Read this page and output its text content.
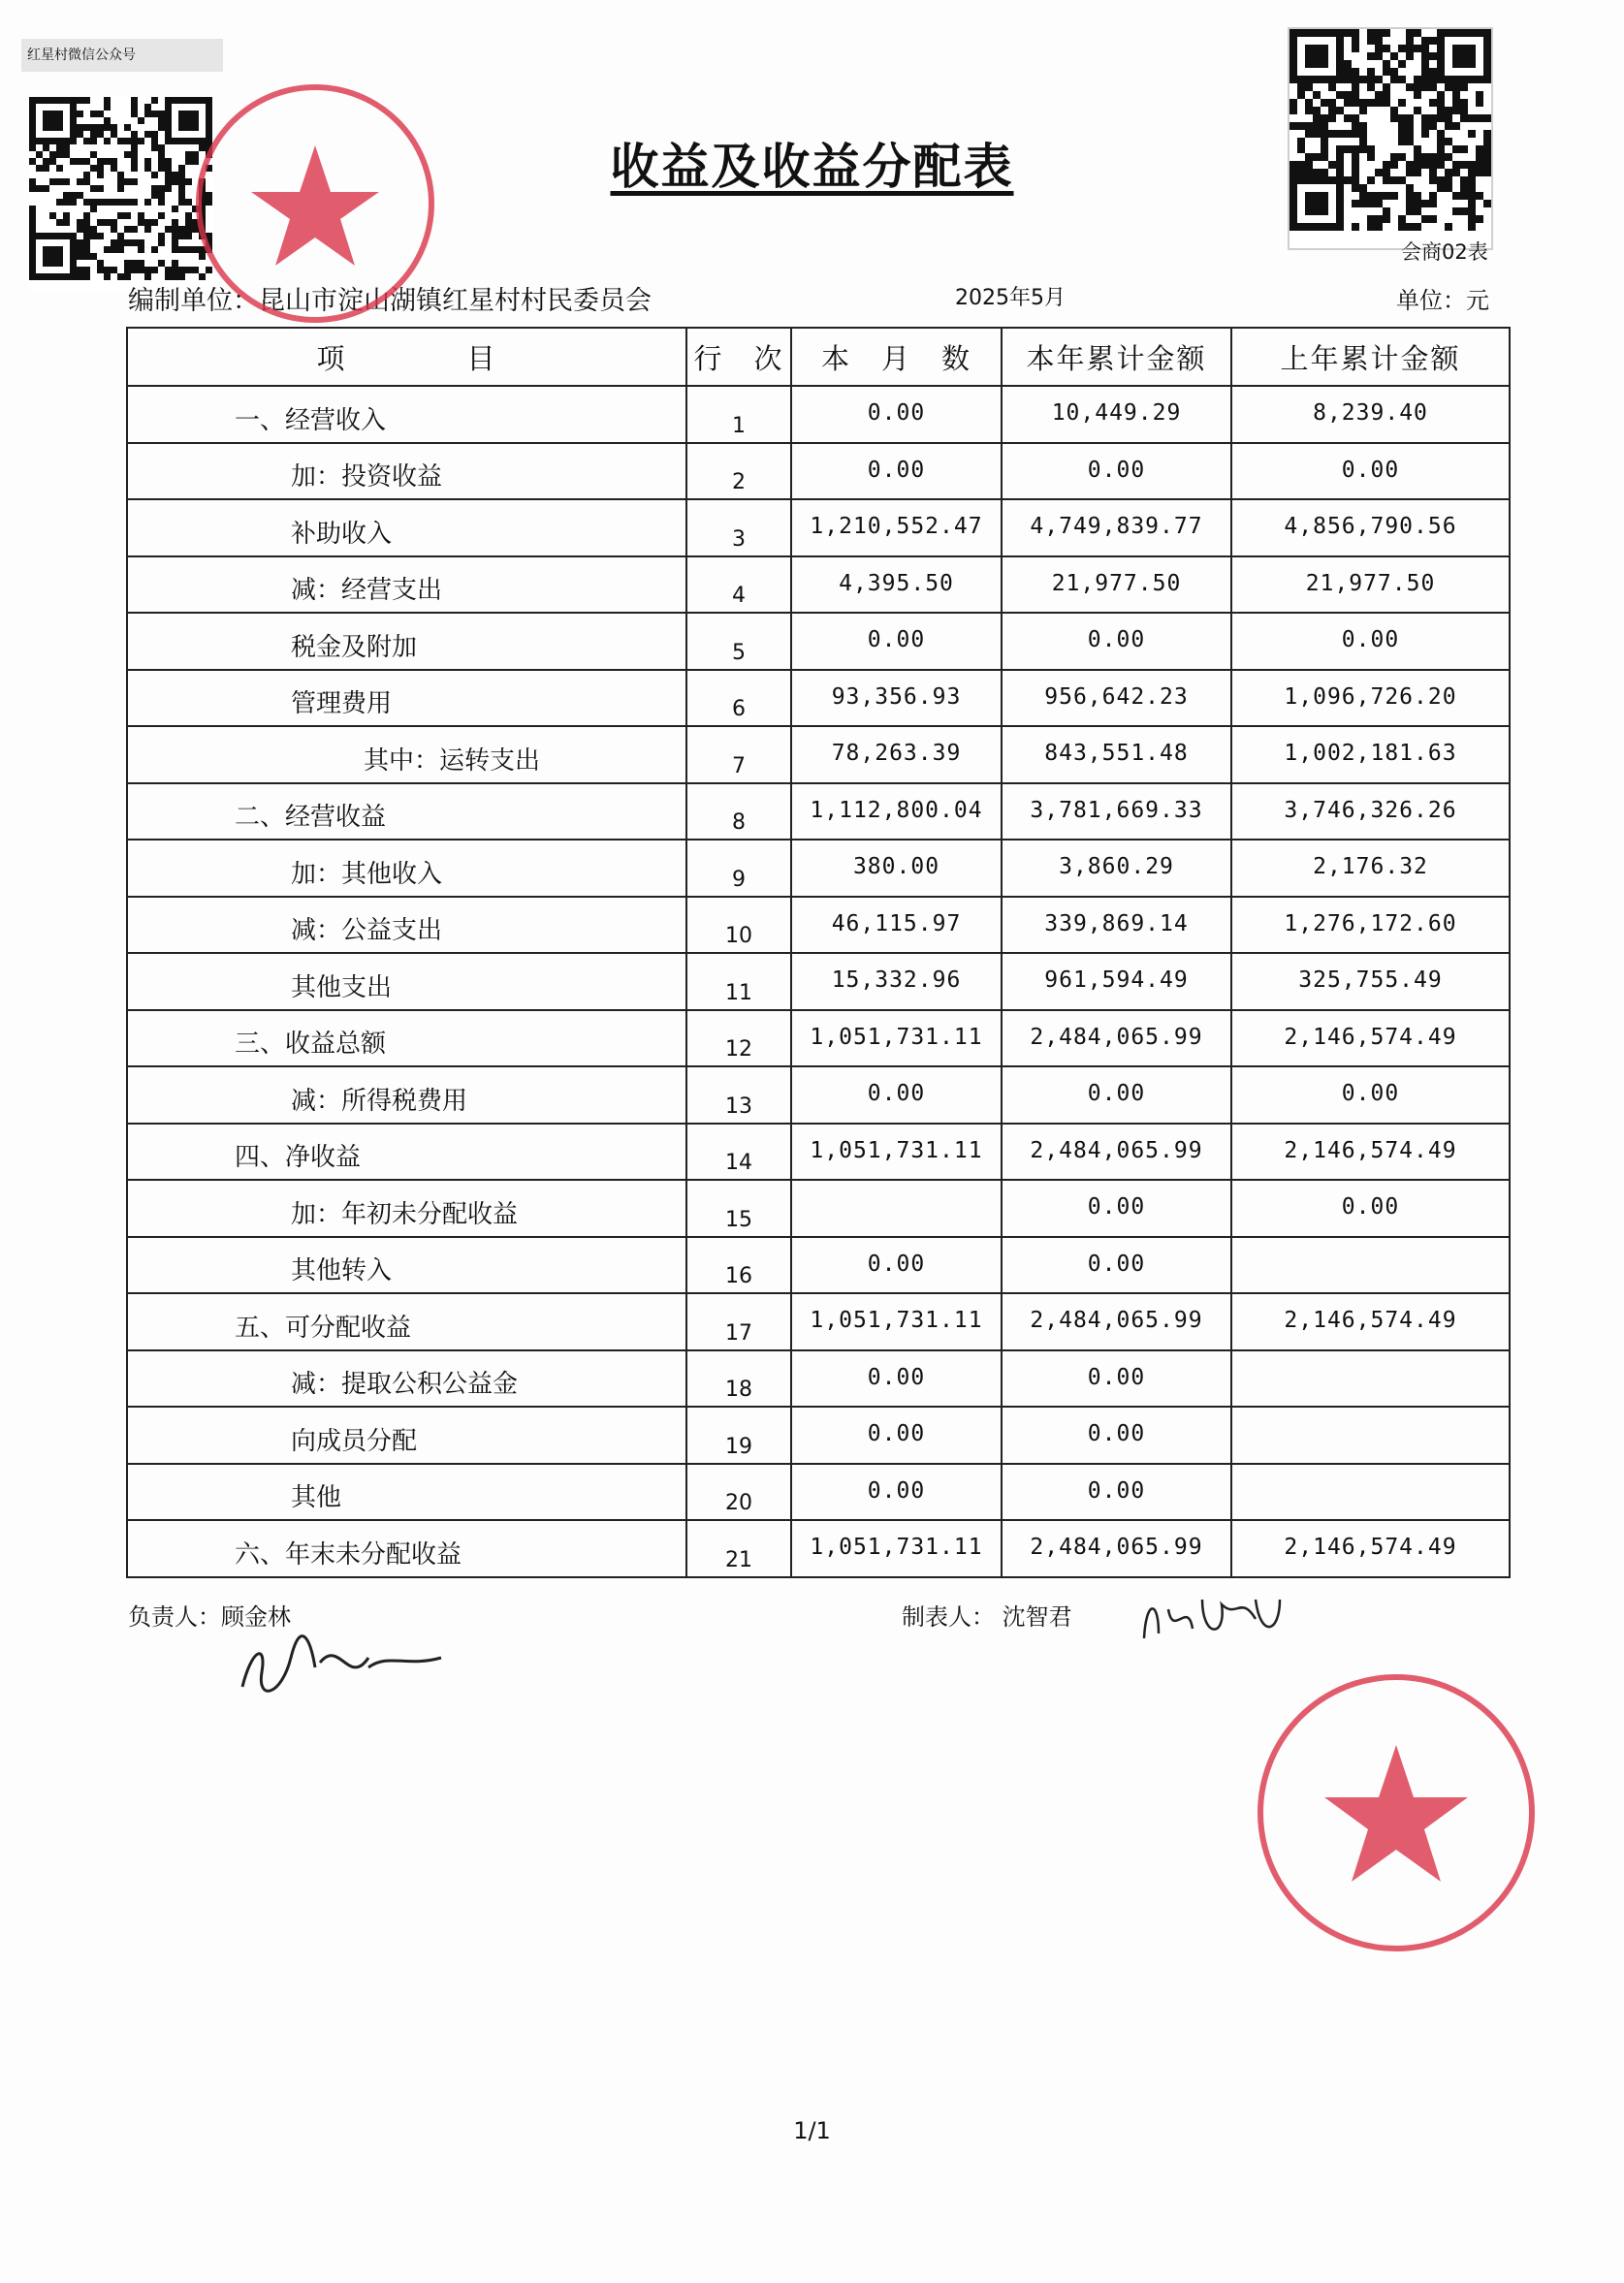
红星村微信公众号
收益及收益分配表
会商02表
编制单位：昆山市淀山湖镇红星村村民委员会	2025年5月	单位：元
项　　　　目	行　次	本　月　数	本年累计金额	上年累计金额
一、经营收入	1	0.00	10,449.29	8,239.40
加：投资收益	2	0.00	0.00	0.00
补助收入	3	1,210,552.47	4,749,839.77	4,856,790.56
减：经营支出	4	4,395.50	21,977.50	21,977.50
税金及附加	5	0.00	0.00	0.00
管理费用	6	93,356.93	956,642.23	1,096,726.20
其中：运转支出	7	78,263.39	843,551.48	1,002,181.63
二、经营收益	8	1,112,800.04	3,781,669.33	3,746,326.26
加：其他收入	9	380.00	3,860.29	2,176.32
减：公益支出	10	46,115.97	339,869.14	1,276,172.60
其他支出	11	15,332.96	961,594.49	325,755.49
三、收益总额	12	1,051,731.11	2,484,065.99	2,146,574.49
减：所得税费用	13	0.00	0.00	0.00
四、净收益	14	1,051,731.11	2,484,065.99	2,146,574.49
加：年初未分配收益	15		0.00	0.00
其他转入	16	0.00	0.00	
五、可分配收益	17	1,051,731.11	2,484,065.99	2,146,574.49
减：提取公积公益金	18	0.00	0.00	
向成员分配	19	0.00	0.00	
其他	20	0.00	0.00	
六、年末未分配收益	21	1,051,731.11	2,484,065.99	2,146,574.49
负责人：顾金林	制表人： 沈智君
1/1
